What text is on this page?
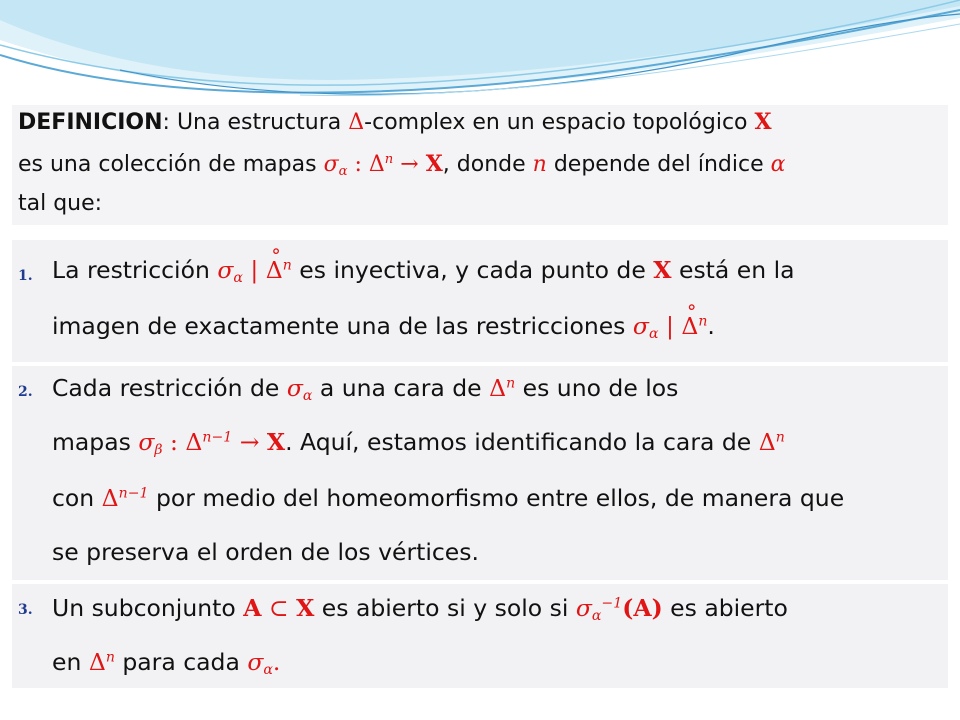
DEFINICION: Una estructura Δ-complex en un espacio topológico X
es una colección de mapas $\sigma_\alpha$ : $\Delta^n \to X$, donde n depende del índice α
tal que:
1. La restricción $\sigma_\alpha$ | ° $\Delta^n$ es inyectiva, y cada punto de X está en la
imagen de exactamente una de las restricciones $\sigma_\alpha$ | ° $\Delta^n$.
2. Cada restricción de $\sigma_\alpha$ a una cara de $\Delta^n$ es uno de los
mapas $\sigma_\beta$ : $\Delta^{n-1} \to X$. Aquí, estamos identificando la cara de $\Delta^n$
con $\Delta^{n-1}$ por medio del homeomorfismo entre ellos, de manera que
se preserva el orden de los vértices.
3. Un subconjunto A ⊂ X es abierto si y solo si $\sigma_\alpha^{-1}(A)$ es abierto
en $\Delta^n$ para cada $\sigma_\alpha$.
